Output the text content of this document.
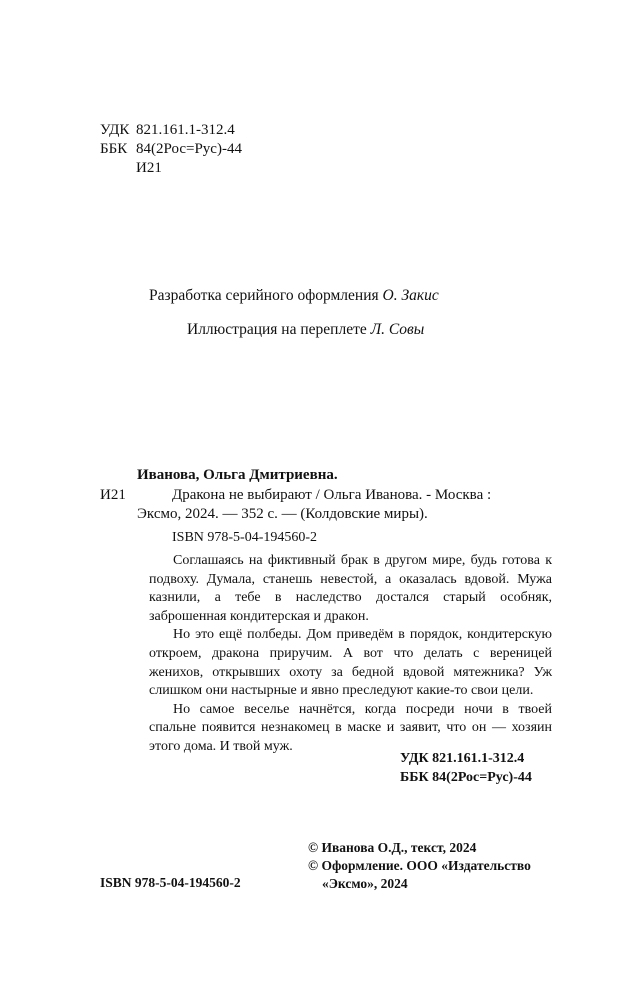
УДК 821.161.1-312.4
ББК 84(2Рос=Рус)-44
И21
Разработка серийного оформления О. Закис
Иллюстрация на переплете Л. Совы
Иванова, Ольга Дмитриевна.
И21	Дракона не выбирают / Ольга Иванова. - Москва :
Эксмо, 2024. — 352 с. — (Колдовские миры).
ISBN 978-5-04-194560-2

Соглашаясь на фиктивный брак в другом мире, будь готова к подвоху. Думала, станешь невестой, а оказалась вдовой. Мужа казнили, а тебе в наследство достался старый особняк, заброшенная кондитерская и дракон.

Но это ещё полбеды. Дом приведём в порядок, кондитерскую откроем, дракона приручим. А вот что делать с вереницей женихов, открывших охоту за бедной вдовой мятежника? Уж слишком они настырные и явно преследуют какие-то свои цели.

Но самое веселье начнётся, когда посреди ночи в твоей спальне появится незнакомец в маске и заявит, что он — хозяин этого дома. И твой муж.

УДК 821.161.1-312.4
ББК 84(2Рос=Рус)-44
ISBN 978-5-04-194560-2
© Иванова О.Д., текст, 2024
© Оформление. ООО «Издательство
«Эксмо», 2024
